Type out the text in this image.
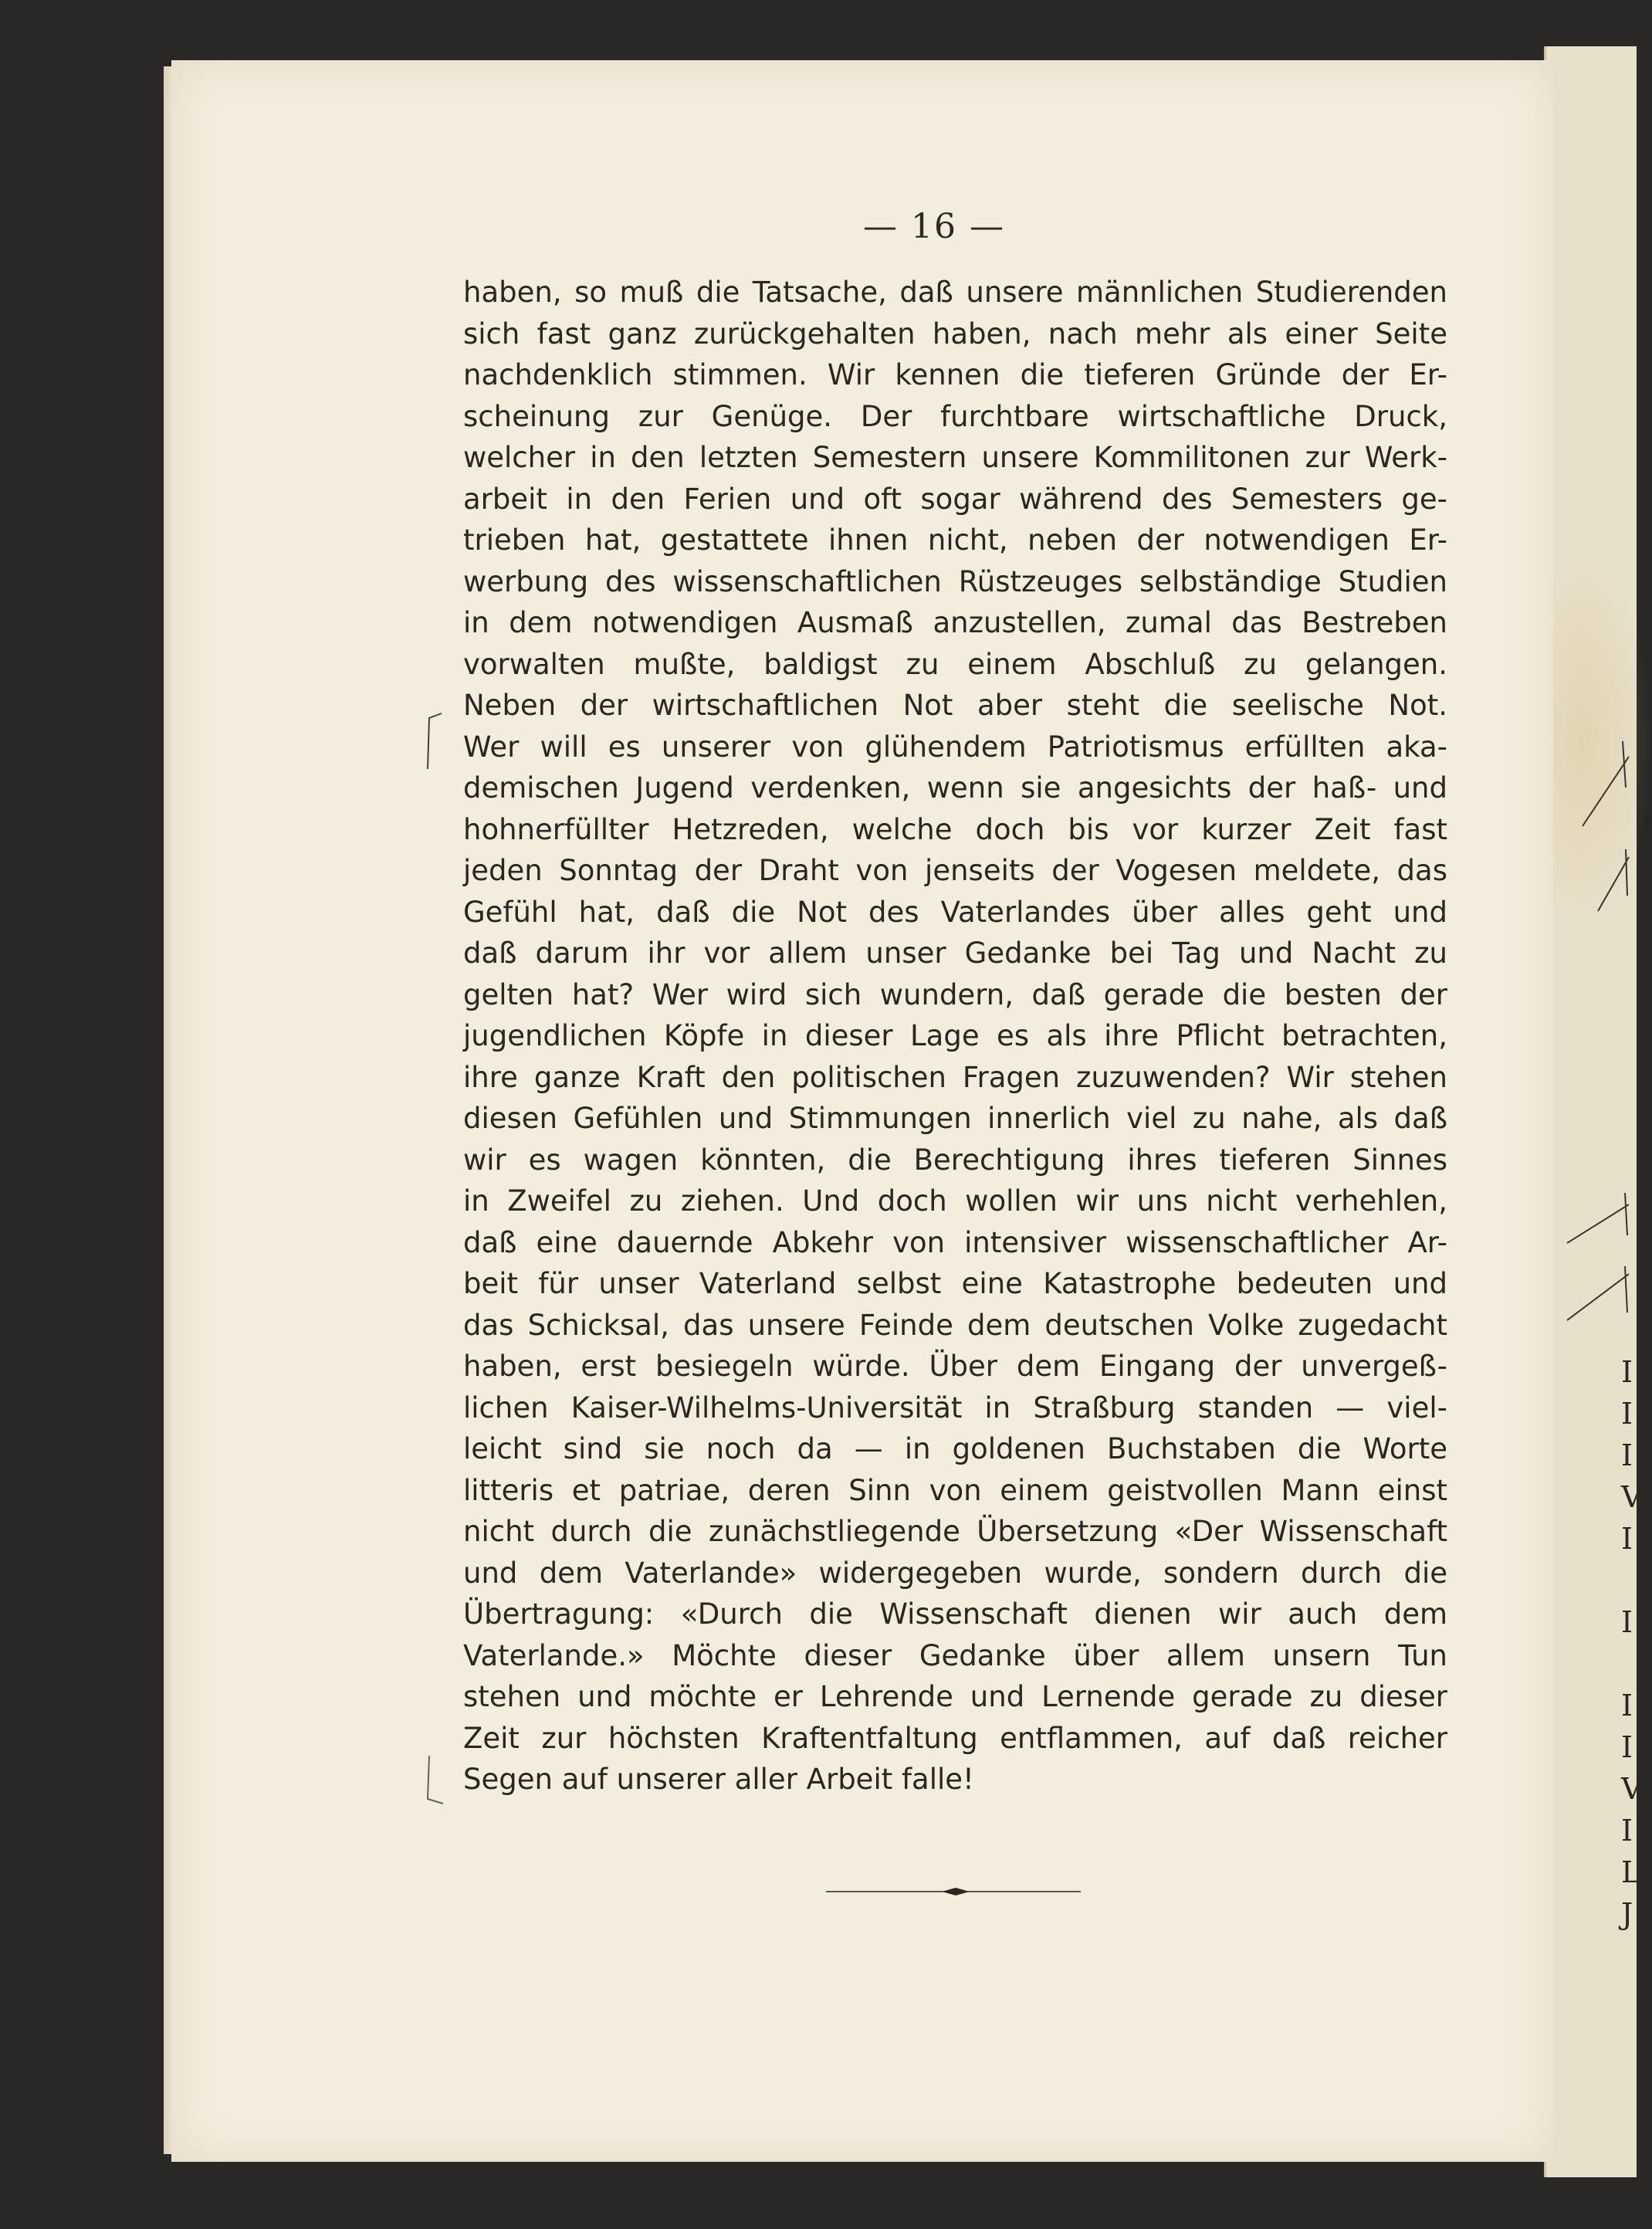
— 16 —
haben, so muß die Tatsache, daß unsere männlichen Studierenden
sich fast ganz zurückgehalten haben, nach mehr als einer Seite
nachdenklich stimmen. Wir kennen die tieferen Gründe der Er-
scheinung zur Genüge. Der furchtbare wirtschaftliche Druck,
welcher in den letzten Semestern unsere Kommilitonen zur Werk-
arbeit in den Ferien und oft sogar während des Semesters ge-
trieben hat, gestattete ihnen nicht, neben der notwendigen Er-
werbung des wissenschaftlichen Rüstzeuges selbständige Studien
in dem notwendigen Ausmaß anzustellen, zumal das Bestreben
vorwalten mußte, baldigst zu einem Abschluß zu gelangen.
Neben der wirtschaftlichen Not aber steht die seelische Not.
Wer will es unserer von glühendem Patriotismus erfüllten aka-
demischen Jugend verdenken, wenn sie angesichts der haß- und
hohnerfüllter Hetzreden, welche doch bis vor kurzer Zeit fast
jeden Sonntag der Draht von jenseits der Vogesen meldete, das
Gefühl hat, daß die Not des Vaterlandes über alles geht und
daß darum ihr vor allem unser Gedanke bei Tag und Nacht zu
gelten hat? Wer wird sich wundern, daß gerade die besten der
jugendlichen Köpfe in dieser Lage es als ihre Pflicht betrachten,
ihre ganze Kraft den politischen Fragen zuzuwenden? Wir stehen
diesen Gefühlen und Stimmungen innerlich viel zu nahe, als daß
wir es wagen könnten, die Berechtigung ihres tieferen Sinnes
in Zweifel zu ziehen. Und doch wollen wir uns nicht verhehlen,
daß eine dauernde Abkehr von intensiver wissenschaftlicher Ar-
beit für unser Vaterland selbst eine Katastrophe bedeuten und
das Schicksal, das unsere Feinde dem deutschen Volke zugedacht
haben, erst besiegeln würde. Über dem Eingang der unvergeß-
lichen Kaiser-Wilhelms-Universität in Straßburg standen — viel-
leicht sind sie noch da — in goldenen Buchstaben die Worte
litteris et patriae, deren Sinn von einem geistvollen Mann einst
nicht durch die zunächstliegende Übersetzung «Der Wissenschaft
und dem Vaterlande» widergegeben wurde, sondern durch die
Übertragung: «Durch die Wissenschaft dienen wir auch dem
Vaterlande.» Möchte dieser Gedanke über allem unsern Tun
stehen und möchte er Lehrende und Lernende gerade zu dieser
Zeit zur höchsten Kraftentfaltung entflammen, auf daß reicher
Segen auf unserer aller Arbeit falle!
I
I
I
V
I
I
I
I
V
I
L
J
